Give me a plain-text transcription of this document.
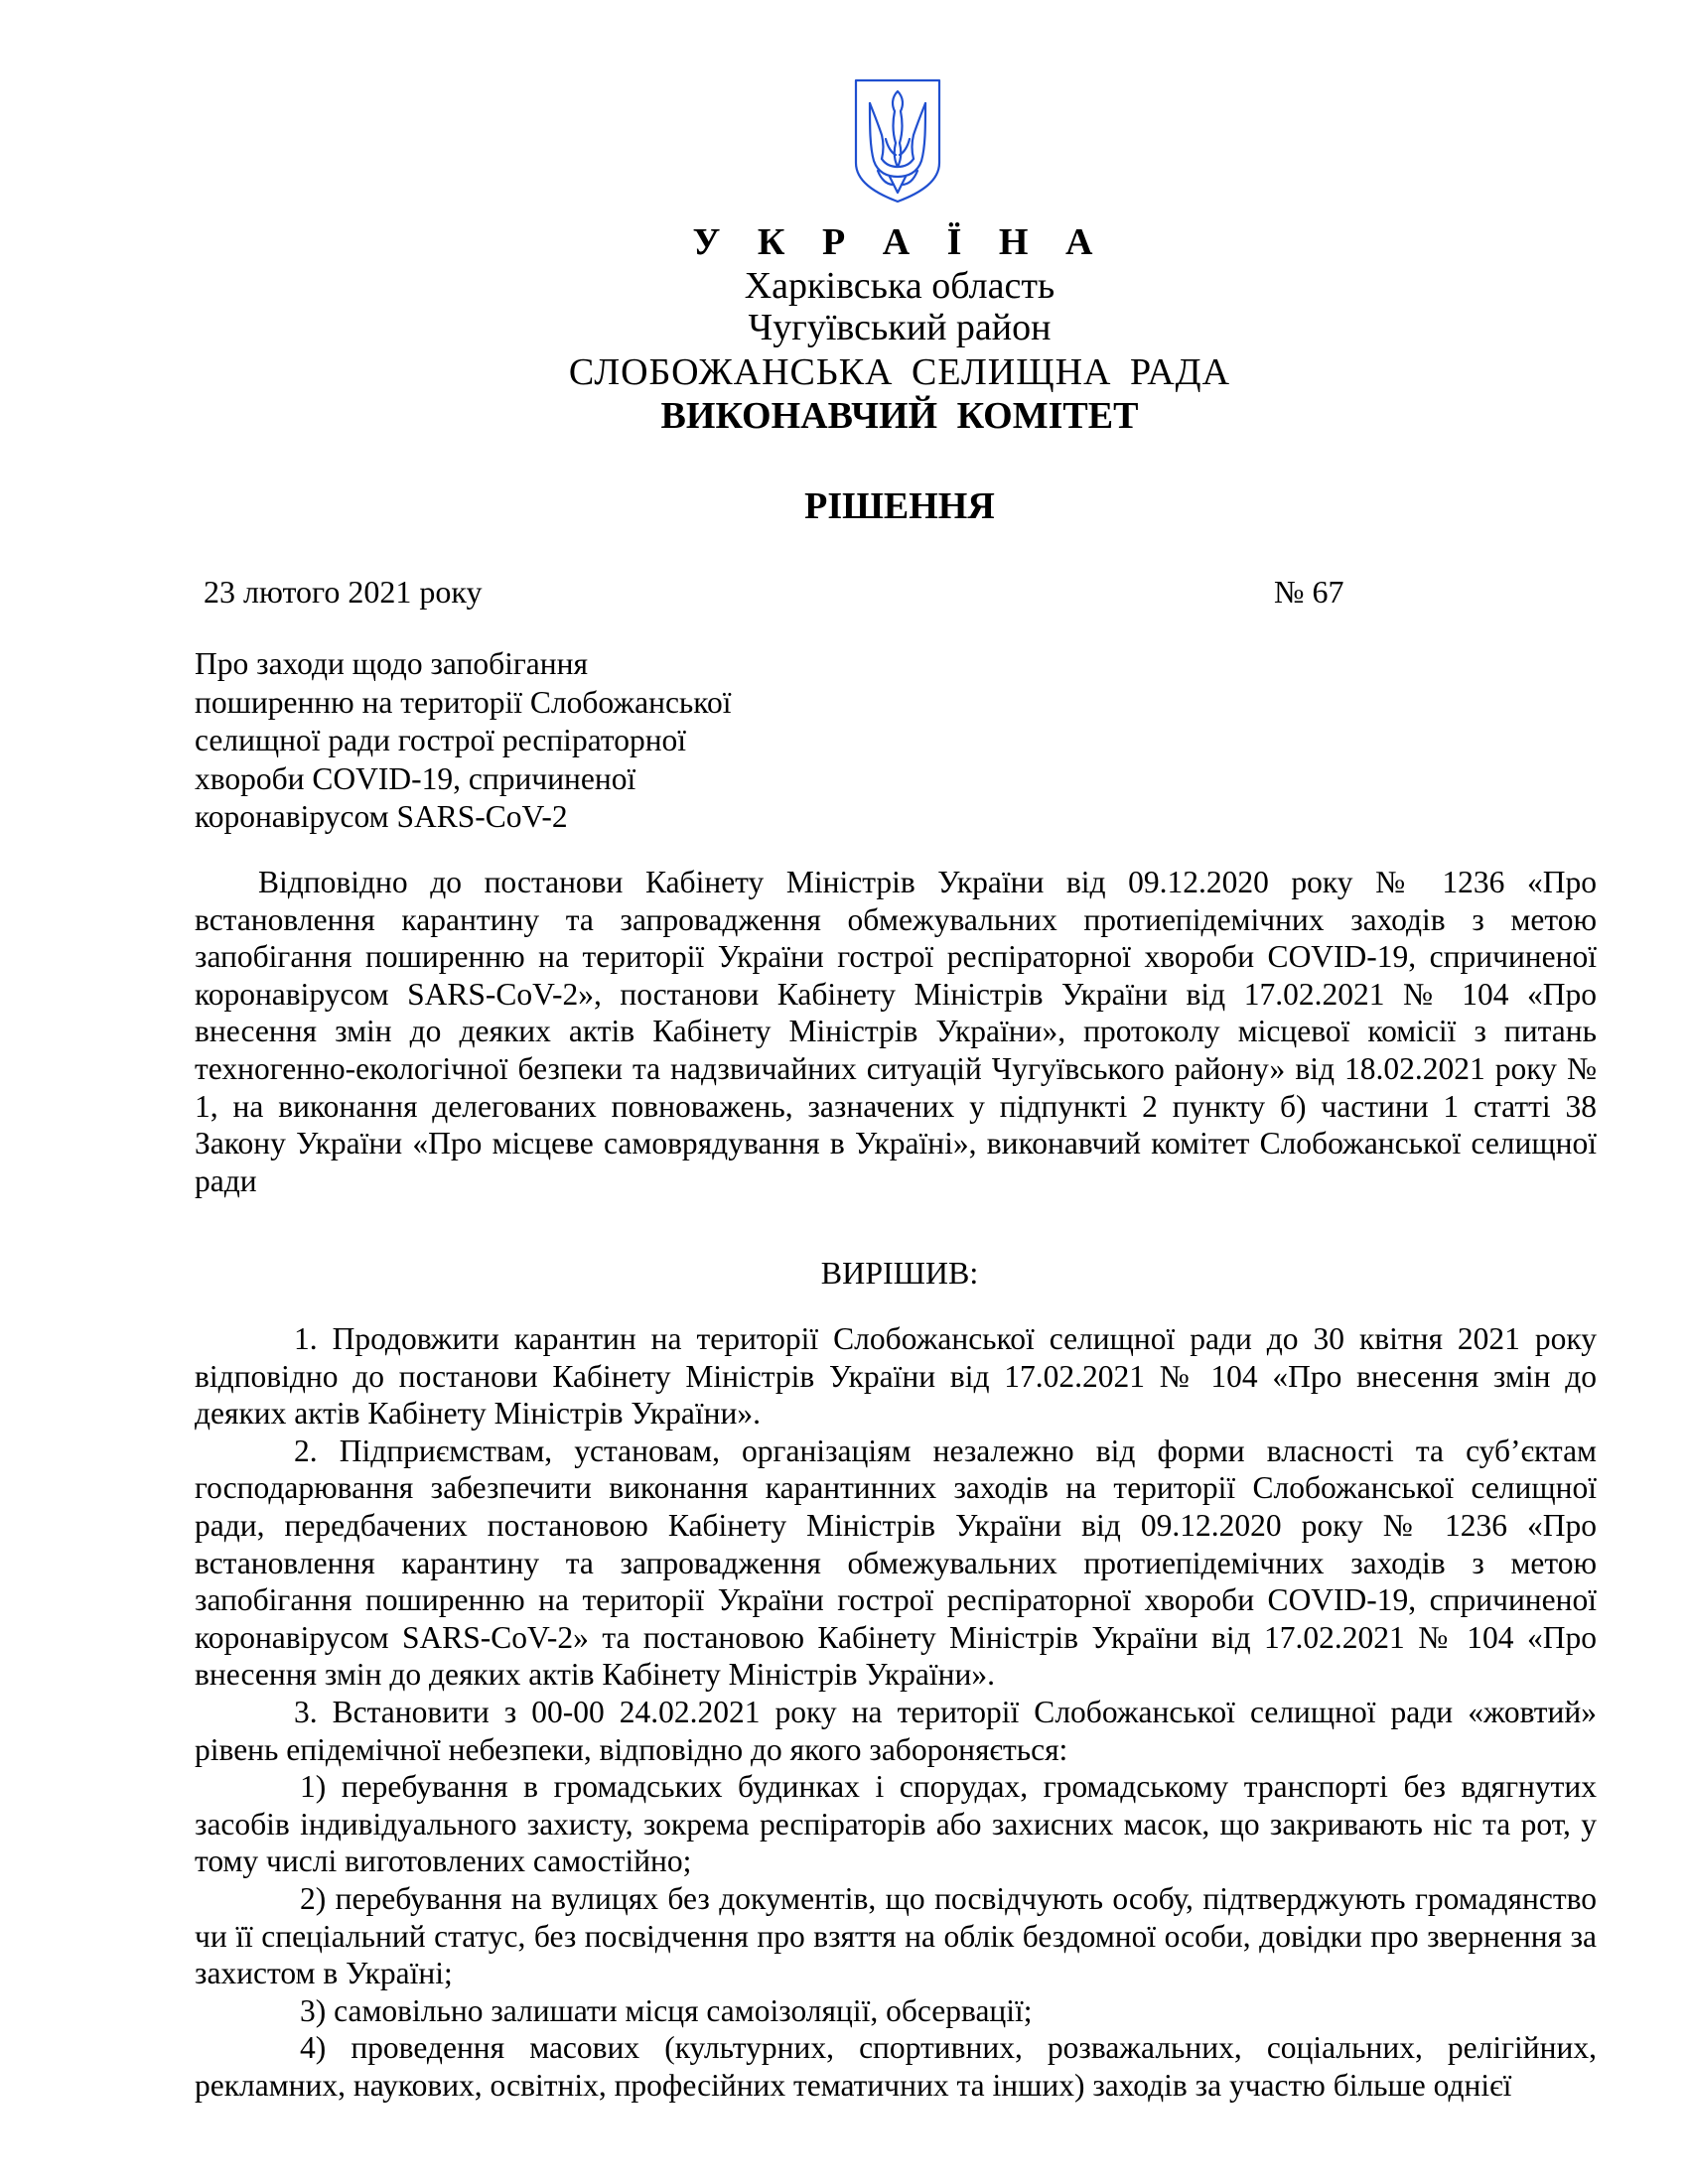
У К Р А Ї Н А
Харківська область
Чугуївський район
СЛОБОЖАНСЬКА СЕЛИЩНА РАДА
ВИКОНАВЧИЙ КОМІТЕТ
РІШЕННЯ
23 лютого 2021 року	№ 67
Про заходи щодо запобігання
поширенню на території Слобожанської
селищної ради гострої респіраторної
хвороби COVID-19, спричиненої
коронавірусом SARS-CoV-2

Відповідно до постанови Кабінету Міністрів України від 09.12.2020 року № 1236 «Про встановлення карантину та запровадження обмежувальних протиепідемічних заходів з метою запобігання поширенню на території України гострої респіраторної хвороби COVID-19, спричиненої коронавірусом SARS-CoV-2», постанови Кабінету Міністрів України від 17.02.2021 № 104 «Про внесення змін до деяких актів Кабінету Міністрів України», протоколу місцевої комісії з питань техногенно-екологічної безпеки та надзвичайних ситуацій Чугуївського району» від 18.02.2021 року № 1, на виконання делегованих повноважень, зазначених у підпункті 2 пункту б) частини 1 статті 38 Закону України «Про місцеве самоврядування в Україні», виконавчий комітет Слобожанської селищної ради

ВИРІШИВ:

1. Продовжити карантин на території Слобожанської селищної ради до 30 квітня 2021 року відповідно до постанови Кабінету Міністрів України від 17.02.2021 № 104 «Про внесення змін до деяких актів Кабінету Міністрів України».

2. Підприємствам, установам, організаціям незалежно від форми власності та суб’єктам господарювання забезпечити виконання карантинних заходів на території Слобожанської селищної ради, передбачених постановою Кабінету Міністрів України від 09.12.2020 року № 1236 «Про встановлення карантину та запровадження обмежувальних протиепідемічних заходів з метою запобігання поширенню на території України гострої респіраторної хвороби COVID-19, спричиненої коронавірусом SARS-CoV-2» та постановою Кабінету Міністрів України від 17.02.2021 № 104 «Про внесення змін до деяких актів Кабінету Міністрів України».

3. Встановити з 00-00 24.02.2021 року на території Слобожанської селищної ради «жовтий» рівень епідемічної небезпеки, відповідно до якого забороняється:

1) перебування в громадських будинках і спорудах, громадському транспорті без вдягнутих засобів індивідуального захисту, зокрема респіраторів або захисних масок, що закривають ніс та рот, у тому числі виготовлених самостійно;

2) перебування на вулицях без документів, що посвідчують особу, підтверджують громадянство чи її спеціальний статус, без посвідчення про взяття на облік бездомної особи, довідки про звернення за захистом в Україні;

3) самовільно залишати місця самоізоляції, обсервації;

4) проведення масових (культурних, спортивних, розважальних, соціальних, релігійних, рекламних, наукових, освітніх, професійних тематичних та інших) заходів за участю більше однієї
